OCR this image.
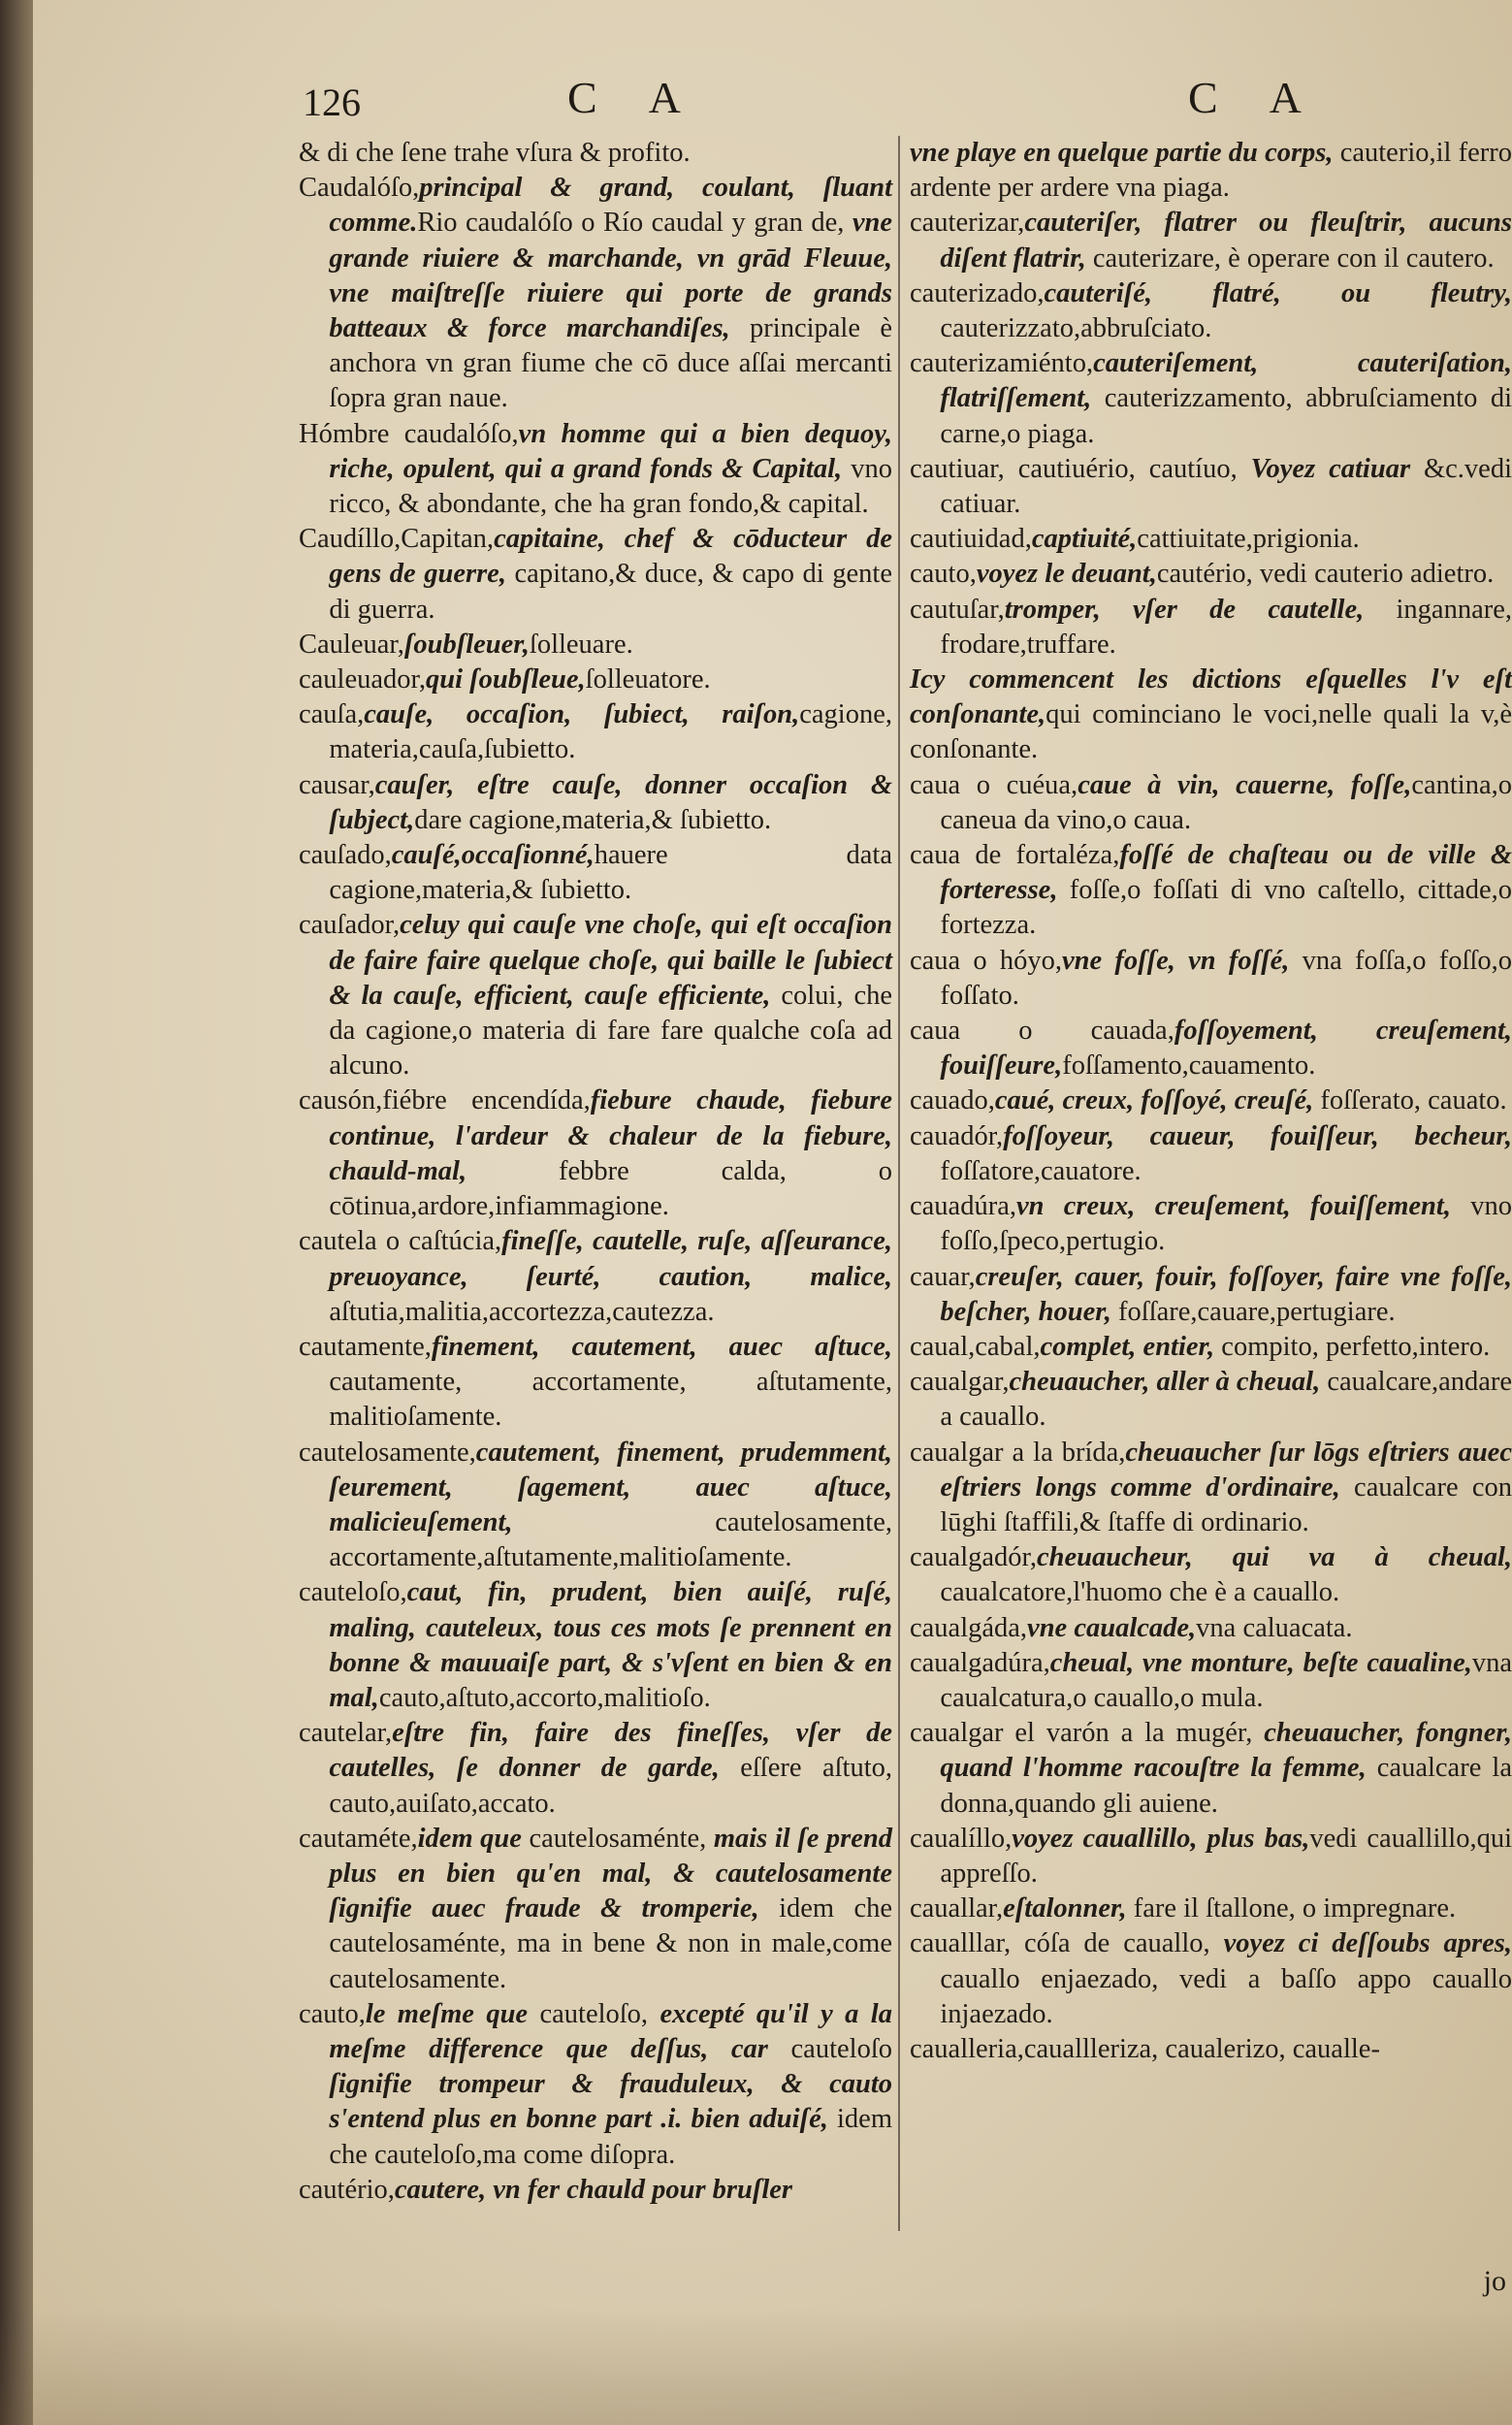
126	C A	C A

& di che ſene trahe vſura & profito.

Caudalóſo,principal & grand, coulant, ſluant comme.Rio caudalóſo o Río caudal y gran de, vne grande riuiere & marchande, vn grād Fleuue, vne maiſtreſſe riuiere qui porte de grands batteaux & force marchandiſes, principale è anchora vn gran fiume che cō duce aſſai mercanti ſopra gran naue.

Hómbre caudalóſo,vn homme qui a bien dequoy, riche, opulent, qui a grand fonds & Capital, vno ricco, & abondante, che ha gran fondo,& capital.

Caudíllo,Capitan,capitaine, chef & cōducteur de gens de guerre, capitano,& duce, & capo di gente di guerra.

Cauleuar,ſoubſleuer,ſolleuare.

cauleuador,qui ſoubſleue,ſolleuatore.

cauſa,cauſe, occaſion, ſubiect, raiſon,cagione, materia,cauſa,ſubietto.

causar,cauſer, eſtre cauſe, donner occaſion & ſubject,dare cagione,materia,& ſubietto.

cauſado,cauſé,occaſionné,hauere data cagione,materia,& ſubietto.

cauſador,celuy qui cauſe vne choſe, qui eſt occaſion de faire faire quelque choſe, qui baille le ſubiect & la cauſe, efficient, cauſe efficiente, colui, che da cagione,o materia di fare fare qualche coſa ad alcuno.

causón,fiébre encendída,fiebure chaude, fiebure continue, l'ardeur & chaleur de la fiebure, chauld-mal, febbre calda, o cōtinua,ardore,infiammagione.

cautela o caſtúcia,fineſſe, cautelle, ruſe, aſſeurance, preuoyance, ſeurté, caution, malice, aſtutia,malitia,accortezza,cautezza.

cautamente,finement, cautement, auec aſtuce, cautamente, accortamente, aſtutamente, malitioſamente.

cautelosamente,cautement, finement, prudemment, ſeurement, ſagement, auec aſtuce, malicieuſement, cautelosamente, accortamente,aſtutamente,malitioſamente.

cauteloſo,caut, fin, prudent, bien auiſé, ruſé, maling, cauteleux, tous ces mots ſe prennent en bonne & mauuaiſe part, & s'vſent en bien & en mal,cauto,aſtuto,accorto,malitioſo.

cautelar,eſtre fin, faire des fineſſes, vſer de cautelles, ſe donner de garde, eſſere aſtuto, cauto,auiſato,accato.

cautaméte,idem que cautelosaménte, mais il ſe prend plus en bien qu'en mal, & cautelosamente ſignifie auec fraude & tromperie, idem che cautelosaménte, ma in bene & non in male,come cautelosamente.

cauto,le meſme que cauteloſo, excepté qu'il y a la meſme difference que deſſus, car cauteloſo ſignifie trompeur & frauduleux, & cauto s'entend plus en bonne part .i. bien aduiſé, idem che cauteloſo,ma come diſopra.

cautério,cautere, vn fer chauld pour bruſler

vne playe en quelque partie du corps, cauterio,il ferro ardente per ardere vna piaga.

cauterizar,cauteriſer, flatrer ou fleuſtrir, aucuns diſent flatrir, cauterizare, è operare con il cautero.

cauterizado,cauteriſé, flatré, ou fleutry, cauterizzato,abbruſciato.

cauterizamiénto,cauteriſement, cauteriſation, flatriſſement, cauterizzamento, abbruſciamento di carne,o piaga.

cautiuar, cautiuério, cautíuo, Voyez catiuar &c.vedi catiuar.

cautiuidad,captiuité,cattiuitate,prigionia.

cauto,voyez le deuant,cautério, vedi cauterio adietro.

cautuſar,tromper, vſer de cautelle, ingannare, frodare,truffare.

Icy commencent les dictions eſquelles l'v eſt conſonante,qui cominciano le voci,nelle quali la v,è conſonante.

caua o cuéua,caue à vin, cauerne, foſſe,cantina,o caneua da vino,o caua.

caua de fortaléza,foſſé de chaſteau ou de ville & forteresse, foſſe,o foſſati di vno caſtello, cittade,o fortezza.

caua o hóyo,vne foſſe, vn foſſé, vna foſſa,o foſſo,o foſſato.

caua o cauada,foſſoyement, creuſement, fouiſſeure,foſſamento,cauamento.

cauado,caué, creux, foſſoyé, creuſé, foſſerato, cauato.

cauadór,foſſoyeur, caueur, fouiſſeur, becheur, foſſatore,cauatore.

cauadúra,vn creux, creuſement, fouiſſement, vno foſſo,ſpeco,pertugio.

cauar,creuſer, cauer, fouir, foſſoyer, faire vne foſſe, beſcher, houer, foſſare,cauare,pertugiare.

caual,cabal,complet, entier, compito, perfetto,intero.

caualgar,cheuaucher, aller à cheual, caualcare,andare a cauallo.

caualgar a la brída,cheuaucher ſur lōgs eſtriers auec eſtriers longs comme d'ordinaire, caualcare con lūghi ſtaffili,& ſtaffe di ordinario.

caualgadór,cheuaucheur, qui va à cheual, caualcatore,l'huomo che è a cauallo.

caualgáda,vne caualcade,vna caluacata.

caualgadúra,cheual, vne monture, beſte caualine,vna caualcatura,o cauallo,o mula.

caualgar el varón a la mugér, cheuaucher, fongner, quand l'homme racouſtre la femme, caualcare la donna,quando gli auiene.

caualíllo,voyez cauallillo, plus bas,vedi cauallillo,qui appreſſo.

cauallar,eſtalonner, fare il ſtallone, o impregnare.

caualllar, cóſa de cauallo, voyez ci deſſoubs apres, cauallo enjaezado, vedi a baſſo appo cauallo injaezado.

caualleria,cauallleriza, caualerizo, caualle-

jo
